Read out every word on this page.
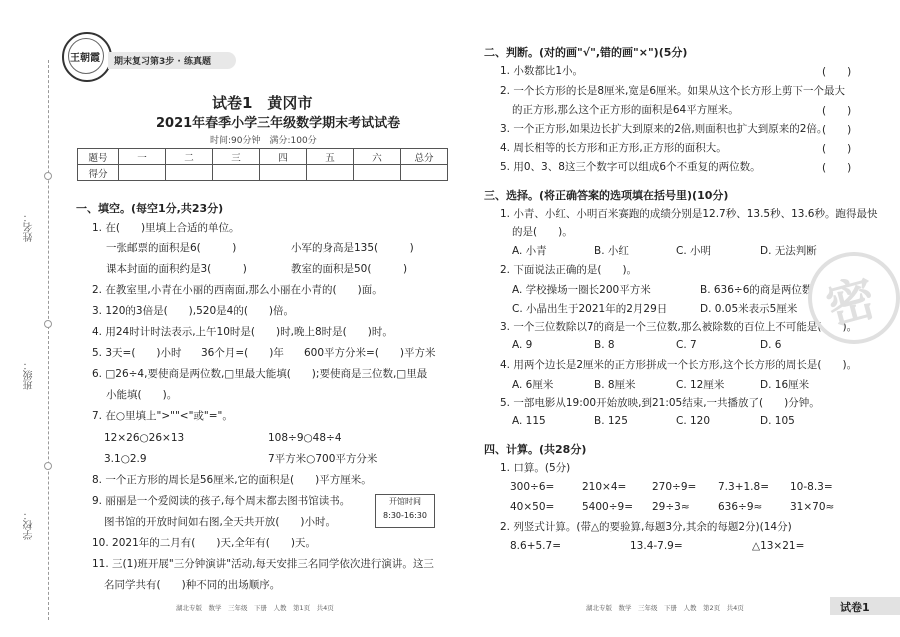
姓名：
班级：
学校：
王朝霞 期末复习第3步 · 练真题
试卷1　黄冈市
2021年春季小学三年级数学期末考试试卷
时间:90分钟　满分:100分
题号	一	二	三	四	五	六	总分
得分							
一、填空。(每空1分,共23分)
1. 在(　　)里填上合适的单位。
一张邮票的面积是6(　　　)	小军的身高是135(　　　)
课本封面的面积约是3(　　　)	教室的面积是50(　　　)
2. 在教室里,小青在小丽的西南面,那么小丽在小青的(　　)面。
3. 120的3倍是(　　),520是4的(　　)倍。
4. 用24时计时法表示,上午10时是(　　)时,晚上8时是(　　)时。
5. 3天=(　　)小时 36个月=(　　)年 600平方分米=(　　)平方米
6. □26÷4,要使商是两位数,□里最大能填(　　);要使商是三位数,□里最
小能填(　　)。
7. 在○里填上">""<"或"="。
12×26○26×13	108÷9○48÷4
3.1○2.9	7平方米○700平方分米
8. 一个正方形的周长是56厘米,它的面积是(　　)平方厘米。
9. 丽丽是一个爱阅读的孩子,每个周末都去图书馆读书。
图书馆的开放时间如右图,全天共开放(　　)小时。
开馆时间
8:30-16:30
10. 2021年的二月有(　　)天,全年有(　　)天。
11. 三(1)班开展"三分钟演讲"活动,每天安排三名同学依次进行演讲。这三
名同学共有(　　)种不同的出场顺序。
二、判断。(对的画"√",错的画"×")(5分)
1. 小数都比1小。	(　　)
2. 一个长方形的长是8厘米,宽是6厘米。如果从这个长方形上剪下一个最大
的正方形,那么这个正方形的面积是64平方厘米。	(　　)
3. 一个正方形,如果边长扩大到原来的2倍,则面积也扩大到原来的2倍。
(　　)
4. 周长相等的长方形和正方形,正方形的面积大。	(　　)
5. 用0、3、8这三个数字可以组成6个不重复的两位数。	(　　)
三、选择。(将正确答案的选项填在括号里)(10分)
1. 小青、小红、小明百米赛跑的成绩分别是12.7秒、13.5秒、13.6秒。跑得最快
的是(　　)。
A. 小青	B. 小红	C. 小明	D. 无法判断
2. 下面说法正确的是(　　)。
A. 学校操场一圈长200平方米	B. 636÷6的商是两位数
C. 小晶出生于2021年的2月29日	D. 0.05米表示5厘米
3. 一个三位数除以7的商是一个三位数,那么被除数的百位上不可能是(　　)。
A. 9	B. 8	C. 7	D. 6
4. 用两个边长是2厘米的正方形拼成一个长方形,这个长方形的周长是(　　)。
A. 6厘米	B. 8厘米	C. 12厘米	D. 16厘米
5. 一部电影从19:00开始放映,到21:05结束,一共播放了(　　)分钟。
A. 115	B. 125	C. 120	D. 105
密
四、计算。(共28分)
1. 口算。(5分)
300÷6=	210×4= 270÷9= 7.3+1.8= 10-8.3=
40×50=	5400÷9= 29÷3≈	636÷9≈	31×70≈
2. 列竖式计算。(带△的要验算,每题3分,其余的每题2分)(14分)
8.6+5.7=	13.4-7.9=	△13×21=
湖北专版　数学　三年级　下册　人教　第1页　共4页	湖北专版　数学　三年级　下册　人教　第2页　共4页	试卷1
